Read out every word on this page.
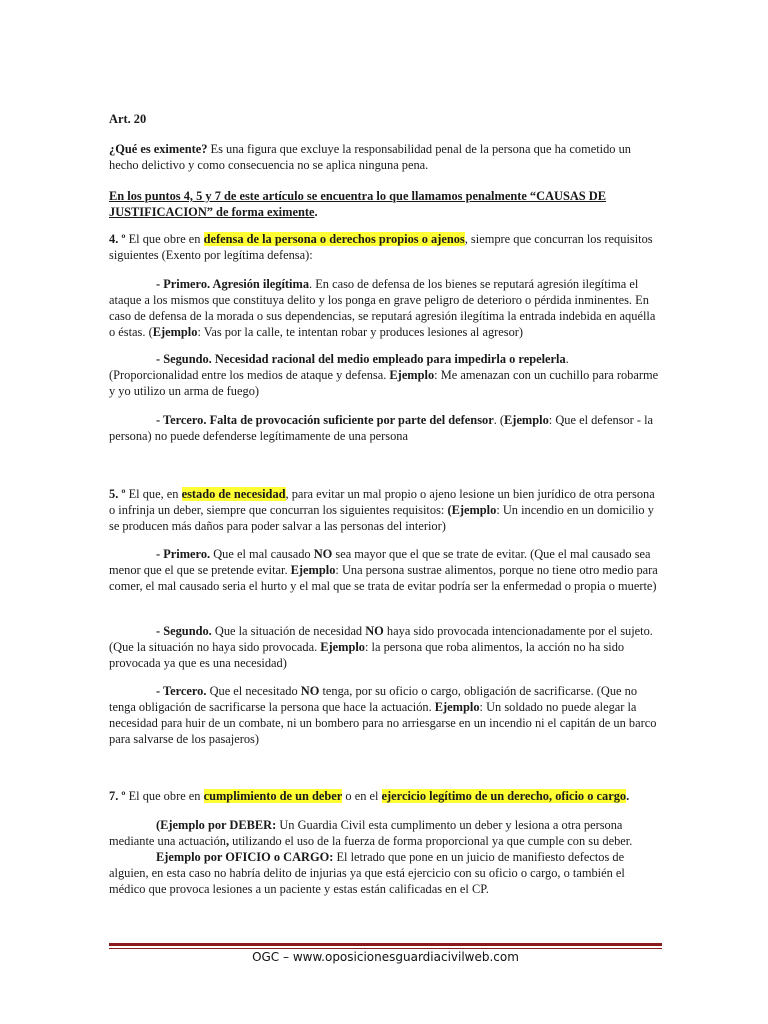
Art. 20

¿Qué es eximente? Es una figura que excluye la responsabilidad penal de la persona que ha cometido un hecho delictivo y como consecuencia no se aplica ninguna pena.

En los puntos 4, 5 y 7 de este artículo se encuentra lo que llamamos penalmente “CAUSAS DE JUSTIFICACION” de forma eximente.

4. º El que obre en defensa de la persona o derechos propios o ajenos, siempre que concurran los requisitos siguientes (Exento por legítima defensa):

- Primero. Agresión ilegítima. En caso de defensa de los bienes se reputará agresión ilegítima el ataque a los mismos que constituya delito y los ponga en grave peligro de deterioro o pérdida inminentes. En caso de defensa de la morada o sus dependencias, se reputará agresión ilegítima la entrada indebida en aquélla o éstas. (Ejemplo: Vas por la calle, te intentan robar y produces lesiones al agresor)

- Segundo. Necesidad racional del medio empleado para impedirla o repelerla. (Proporcionalidad entre los medios de ataque y defensa. Ejemplo: Me amenazan con un cuchillo para robarme y yo utilizo un arma de fuego)

- Tercero. Falta de provocación suficiente por parte del defensor. (Ejemplo: Que el defensor - la persona) no puede defenderse legítimamente de una persona

5. º El que, en estado de necesidad, para evitar un mal propio o ajeno lesione un bien jurídico de otra persona o infrinja un deber, siempre que concurran los siguientes requisitos: (Ejemplo: Un incendio en un domicilio y se producen más daños para poder salvar a las personas del interior)

- Primero. Que el mal causado NO sea mayor que el que se trate de evitar. (Que el mal causado sea menor que el que se pretende evitar. Ejemplo: Una persona sustrae alimentos, porque no tiene otro medio para comer, el mal causado seria el hurto y el mal que se trata de evitar podría ser la enfermedad o propia o muerte)

- Segundo. Que la situación de necesidad NO haya sido provocada intencionadamente por el sujeto. (Que la situación no haya sido provocada. Ejemplo: la persona que roba alimentos, la acción no ha sido provocada ya que es una necesidad)

- Tercero. Que el necesitado NO tenga, por su oficio o cargo, obligación de sacrificarse. (Que no tenga obligación de sacrificarse la persona que hace la actuación. Ejemplo: Un soldado no puede alegar la necesidad para huir de un combate, ni un bombero para no arriesgarse en un incendio ni el capitán de un barco para salvarse de los pasajeros)

7. º El que obre en cumplimiento de un deber o en el ejercicio legítimo de un derecho, oficio o cargo.

(Ejemplo por DEBER: Un Guardia Civil esta cumplimento un deber y lesiona a otra persona mediante una actuación, utilizando el uso de la fuerza de forma proporcional ya que cumple con su deber.

Ejemplo por OFICIO o CARGO: El letrado que pone en un juicio de manifiesto defectos de alguien, en esta caso no habría delito de injurias ya que está ejercicio con su oficio o cargo, o también el médico que provoca lesiones a un paciente y estas están calificadas en el CP.

OGC – www.oposicionesguardiacivilweb.com
